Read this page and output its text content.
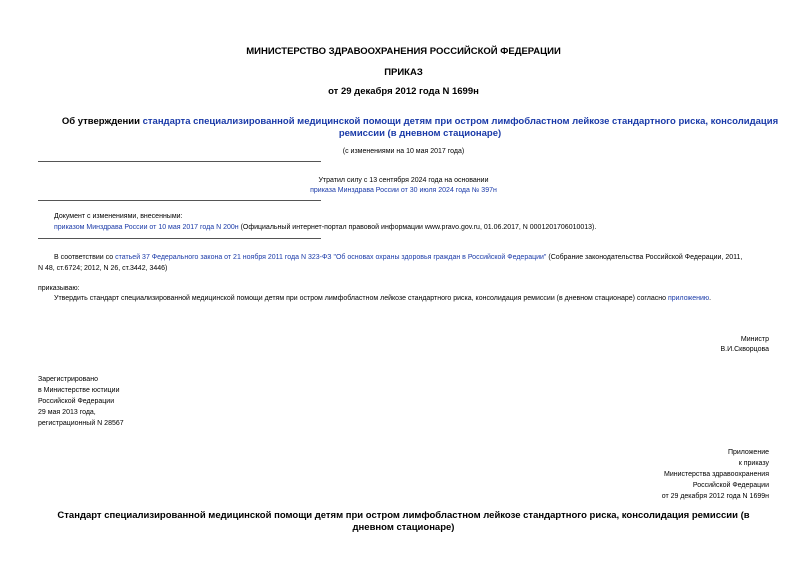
МИНИСТЕРСТВО ЗДРАВООХРАНЕНИЯ РОССИЙСКОЙ ФЕДЕРАЦИИ
ПРИКАЗ
от 29 декабря 2012 года N 1699н
Об утверждении стандарта специализированной медицинской помощи детям при остром лимфобластном лейкозе стандартного риска, консолидация ремиссии (в дневном стационаре)
(с изменениями на 10 мая 2017 года)
Утратил силу с 13 сентября 2024 года на основании
приказа Минздрава России от 30 июля 2024 года № 397н
Документ с изменениями, внесенными:
приказом Минздрава России от 10 мая 2017 года N 200н (Официальный интернет-портал правовой информации www.pravo.gov.ru, 01.06.2017, N 0001201706010013).
В соответствии со статьей 37 Федерального закона от 21 ноября 2011 года N 323-ФЗ "Об основах охраны здоровья граждан в Российской Федерации" (Собрание законодательства Российской Федерации, 2011,
N 48, ст.6724; 2012, N 26, ст.3442, 3446)
приказываю:
Утвердить стандарт специализированной медицинской помощи детям при остром лимфобластном лейкозе стандартного риска, консолидация ремиссии (в дневном стационаре) согласно приложению.
Министр
В.И.Скворцова
Зарегистрировано
в Министерстве юстиции
Российской Федерации
29 мая 2013 года,
регистрационный N 28567
Приложение
к приказу
Министерства здравоохранения
Российской Федерации
от 29 декабря 2012 года N 1699н
Стандарт специализированной медицинской помощи детям при остром лимфобластном лейкозе стандартного риска, консолидация ремиссии (в дневном стационаре)
